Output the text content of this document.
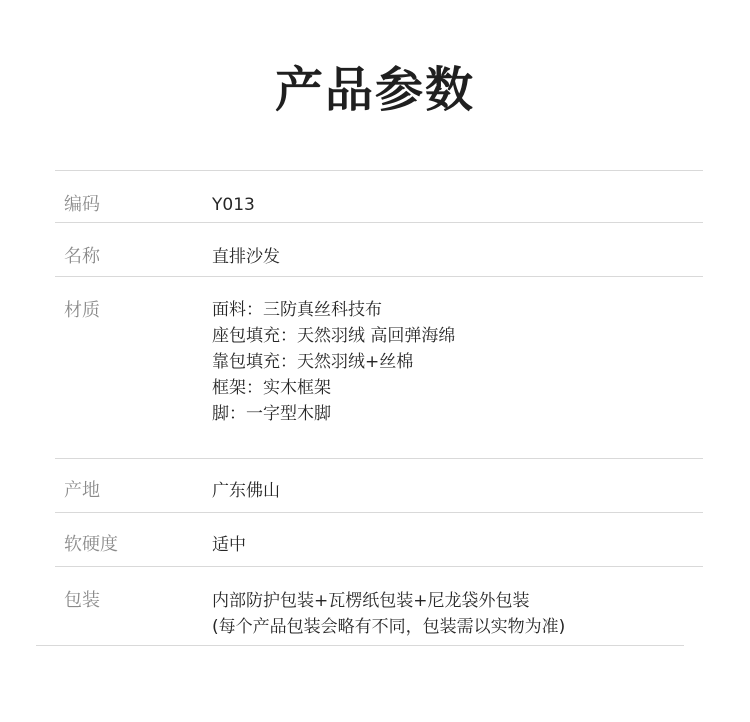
产品参数
编码	Y013
名称	直排沙发
材质	面料：三防真丝科技布
座包填充：天然羽绒 高回弹海绵
靠包填充：天然羽绒+丝棉
框架：实木框架
脚：一字型木脚
产地	广东佛山
软硬度	适中
包装	内部防护包装+瓦楞纸包装+尼龙袋外包装
(每个产品包装会略有不同，包装需以实物为准)
